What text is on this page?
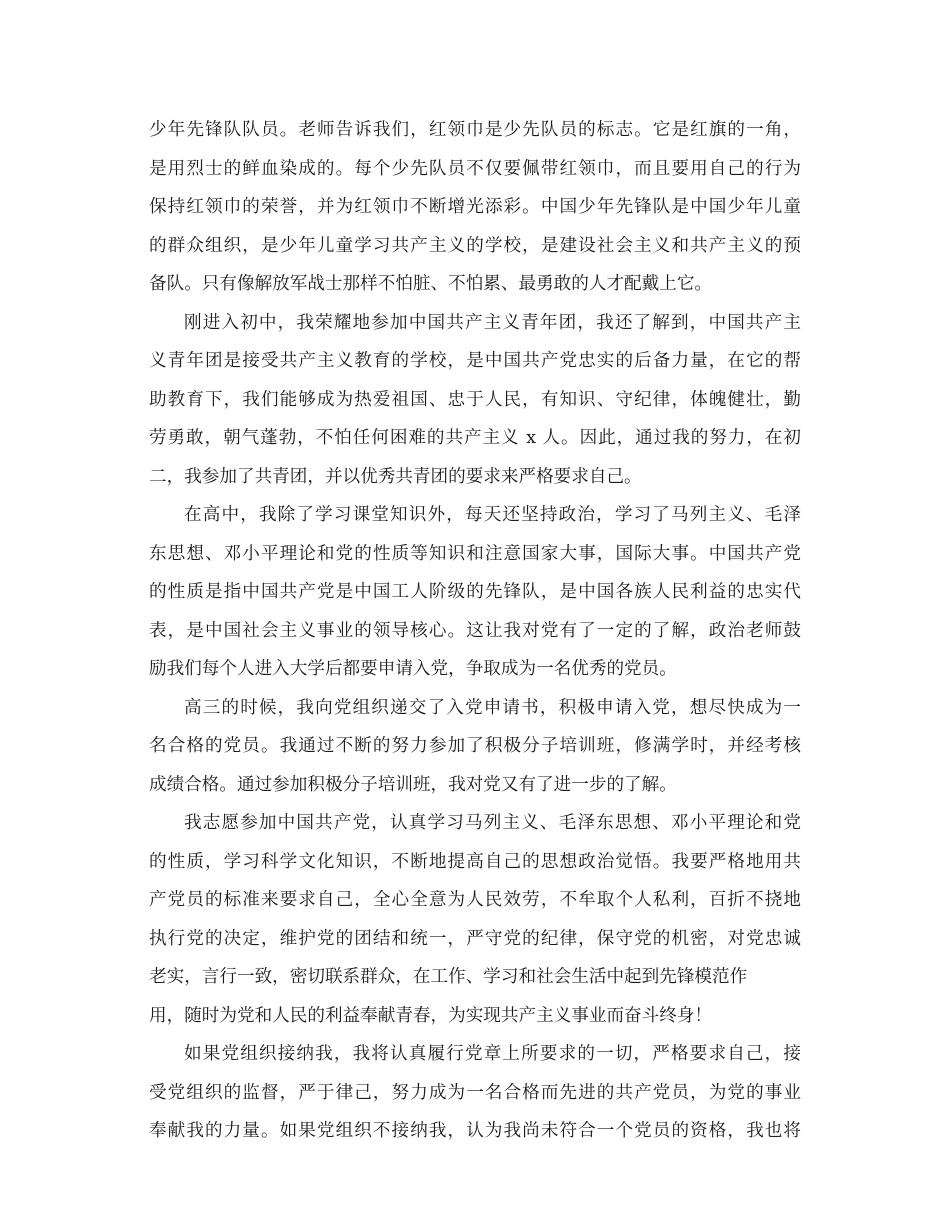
少年先锋队队员。老师告诉我们，红领巾是少先队员的标志。它是红旗的一角，
是用烈士的鲜血染成的。每个少先队员不仅要佩带红领巾，而且要用自己的行为
保持红领巾的荣誉，并为红领巾不断增光添彩。中国少年先锋队是中国少年儿童
的群众组织，是少年儿童学习共产主义的学校，是建设社会主义和共产主义的预
备队。只有像解放军战士那样不怕脏、不怕累、最勇敢的人才配戴上它。
刚进入初中，我荣耀地参加中国共产主义青年团，我还了解到，中国共产主
义青年团是接受共产主义教育的学校，是中国共产党忠实的后备力量，在它的帮
助教育下，我们能够成为热爱祖国、忠于人民，有知识、守纪律，体魄健壮，勤
劳勇敢，朝气蓬勃，不怕任何困难的共产主义 x 人。因此，通过我的努力，在初
二，我参加了共青团，并以优秀共青团的要求来严格要求自己。
在高中，我除了学习课堂知识外，每天还坚持政治，学习了马列主义、毛泽
东思想、邓小平理论和党的性质等知识和注意国家大事，国际大事。中国共产党
的性质是指中国共产党是中国工人阶级的先锋队，是中国各族人民利益的忠实代
表，是中国社会主义事业的领导核心。这让我对党有了一定的了解，政治老师鼓
励我们每个人进入大学后都要申请入党，争取成为一名优秀的党员。
高三的时候，我向党组织递交了入党申请书，积极申请入党，想尽快成为一
名合格的党员。我通过不断的努力参加了积极分子培训班，修满学时，并经考核
成绩合格。通过参加积极分子培训班，我对党又有了进一步的了解。
我志愿参加中国共产党，认真学习马列主义、毛泽东思想、邓小平理论和党
的性质，学习科学文化知识，不断地提高自己的思想政治觉悟。我要严格地用共
产党员的标准来要求自己，全心全意为人民效劳，不牟取个人私利，百折不挠地
执行党的决定，维护党的团结和统一，严守党的纪律，保守党的机密，对党忠诚
老实，言行一致，密切联系群众，在工作、学习和社会生活中起到先锋模范作
用，随时为党和人民的利益奉献青春，为实现共产主义事业而奋斗终身！
如果党组织接纳我，我将认真履行党章上所要求的一切，严格要求自己，接
受党组织的监督，严于律己，努力成为一名合格而先进的共产党员，为党的事业
奉献我的力量。如果党组织不接纳我，认为我尚未符合一个党员的资格，我也将
